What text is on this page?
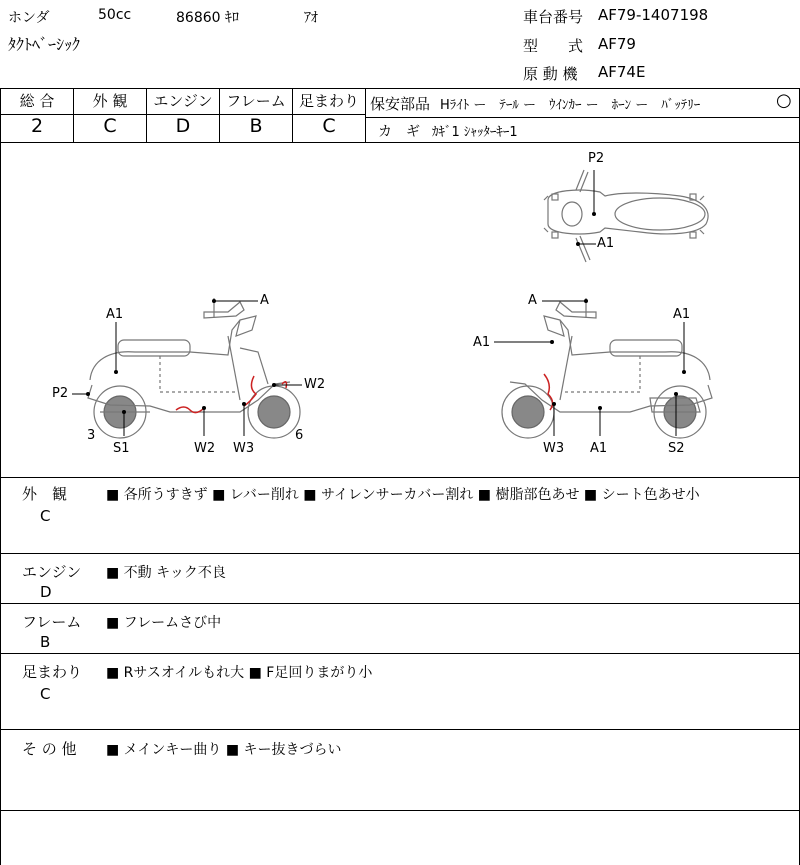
ホンダ	50cc	86860 ｷﾛ	ｱｵ
ﾀｸﾄﾍﾞｰｼｯｸ
車台番号 AF79-1407198
型　　式 AF79
原 動 機 AF74E
総 合	外 観	エンジン フレーム 足まわり
2	C	D	B	C
保安部品 Hﾗｲﾄ ー　ﾃｰﾙ ー　ｳｲﾝｶｰ ー　ﾎｰﾝ ー　ﾊﾞｯﾃﾘｰ	○
カ　ギ ｶｷﾞ1 ｼｬｯﾀｰｷｰ1
P2
A1
A
A1
P2
W2
3
S1	W2 W3
6
A
A1
A1
W3 A1	S2
外　観
C
■ 各所うすきず ■ レバー削れ ■ サイレンサーカバー割れ ■ 樹脂部色あせ ■ シート色あせ小
エンジン
D
■ 不動 キック不良
フレーム
B
■ フレームさび中
足まわり
C
■ Rサスオイルもれ大 ■ F足回りまがり小
そ の 他 ■ メインキー曲り ■ キー抜きづらい
